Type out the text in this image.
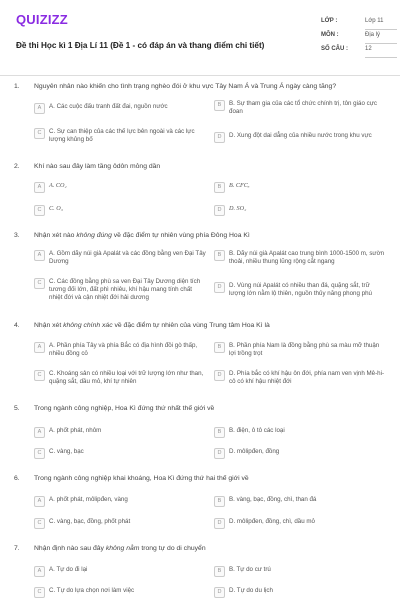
QUIZIZZ
Đề thi Học kì 1 Địa Lí 11 (Đề 1 - có đáp án và thang điểm chi tiết)
LỚP :	Lớp 11
MÔN :	Địa lý
SỐ CÂU :	12
1. Nguyên nhân nào khiến cho tình trạng nghèo đói ở khu vực Tây Nam Á và Trung Á ngày càng tăng?
A	A. Các cuộc đấu tranh đất đai, nguồn nước	B	B. Sự tham gia của các tổ chức chính trị, tôn giáo cực đoan
C	C. Sự can thiệp của các thế lực bên ngoài và các lực lượng khủng bố	D	D. Xung đột dai dẳng của nhiều nước trong khu vực
2. Khí nào sau đây làm tầng ôdôn mỏng dần
A	A. CO₂	B	B. CFCₓ
C	C. O₃	D	D. SO₂
3. Nhận xét nào không đúng về đặc điểm tự nhiên vùng phía Đông Hoa Kì
A	A. Gồm dãy núi già Apalát và các đồng bằng ven Đại Tây Dương
B	B. Dãy núi già Apalát cao trung bình 1000-1500 m, sườn thoải, nhiều thung lũng rộng cắt ngang
C	C. Các đồng bằng phù sa ven Đại Tây Dương diện tích tương đối lớn, đất phì nhiêu, khí hậu mang tính chất nhiệt đới và cận nhiệt đới hải dương
D	D. Vùng núi Apalát có nhiều than đá, quặng sắt, trữ lượng lớn nằm lộ thiên, nguồn thủy năng phong phú
4. Nhận xét không chính xác về đặc điểm tự nhiên của vùng Trung tâm Hoa Kì là
A	A. Phần phía Tây và phía Bắc có địa hình đồi gò thấp, nhiều đồng cỏ
B	B. Phần phía Nam là đồng bằng phù sa màu mỡ thuận lợi trồng trọt
C	C. Khoáng sản có nhiều loại với trữ lượng lớn như than, quặng sắt, dầu mỏ, khí tự nhiên
D	D. Phía bắc có khí hậu ôn đới, phía nam ven vịnh Mê-hi-cô có khí hậu nhiệt đới
5. Trong ngành công nghiệp, Hoa Kì đứng thứ nhất thế giới về
A	A. phốt phát, nhôm	B	B. điện, ô tô các loại
C	C. vàng, bạc	D	D. môlipđen, đồng
6. Trong ngành công nghiệp khai khoáng, Hoa Kì đứng thứ hai thế giới về
A	A. phốt phát, môlipđen, vàng	B	B. vàng, bạc, đồng, chì, than đá
C	C. vàng, bạc, đồng, phốt phát	D	D. môlipđen, đồng, chì, dầu mỏ
7. Nhận định nào sau đây không nằm trong tự do di chuyển
A	A. Tự do đi lại	B	B. Tự do cư trú
C	C. Tự do lựa chọn nơi làm việc	D	D. Tự do du lịch
